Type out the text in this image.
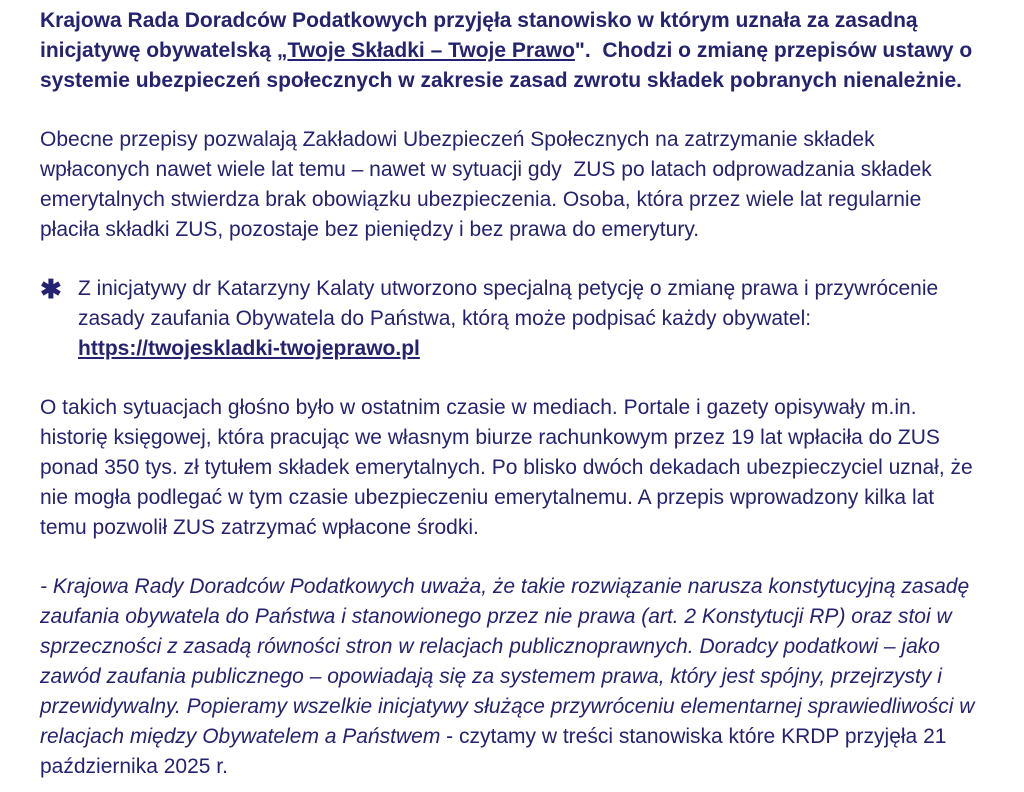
Krajowa Rada Doradców Podatkowych przyjęła stanowisko w którym uznała za zasadną inicjatywę obywatelską „Twoje Składki – Twoje Prawo".  Chodzi o zmianę przepisów ustawy o systemie ubezpieczeń społecznych w zakresie zasad zwrotu składek pobranych nienależnie.

Obecne przepisy pozwalają Zakładowi Ubezpieczeń Społecznych na zatrzymanie składek wpłaconych nawet wiele lat temu – nawet w sytuacji gdy  ZUS po latach odprowadzania składek emerytalnych stwierdza brak obowiązku ubezpieczenia. Osoba, która przez wiele lat regularnie płaciła składki ZUS, pozostaje bez pieniędzy i bez prawa do emerytury.

✱ Z inicjatywy dr Katarzyny Kalaty utworzono specjalną petycję o zmianę prawa i przywrócenie zasady zaufania Obywatela do Państwa, którą może podpisać każdy obywatel:
https://twojeskladki-twojeprawo.pl

O takich sytuacjach głośno było w ostatnim czasie w mediach. Portale i gazety opisywały m.in. historię księgowej, która pracując we własnym biurze rachunkowym przez 19 lat wpłaciła do ZUS ponad 350 tys. zł tytułem składek emerytalnych. Po blisko dwóch dekadach ubezpieczyciel uznał, że nie mogła podlegać w tym czasie ubezpieczeniu emerytalnemu. A przepis wprowadzony kilka lat temu pozwolił ZUS zatrzymać wpłacone środki.

- Krajowa Rady Doradców Podatkowych uważa, że takie rozwiązanie narusza konstytucyjną zasadę zaufania obywatela do Państwa i stanowionego przez nie prawa (art. 2 Konstytucji RP) oraz stoi w sprzeczności z zasadą równości stron w relacjach publicznoprawnych. Doradcy podatkowi – jako zawód zaufania publicznego – opowiadają się za systemem prawa, który jest spójny, przejrzysty i przewidywalny. Popieramy wszelkie inicjatywy służące przywróceniu elementarnej sprawiedliwości w relacjach między Obywatelem a Państwem - czytamy w treści stanowiska które KRDP przyjęła 21 października 2025 r.
